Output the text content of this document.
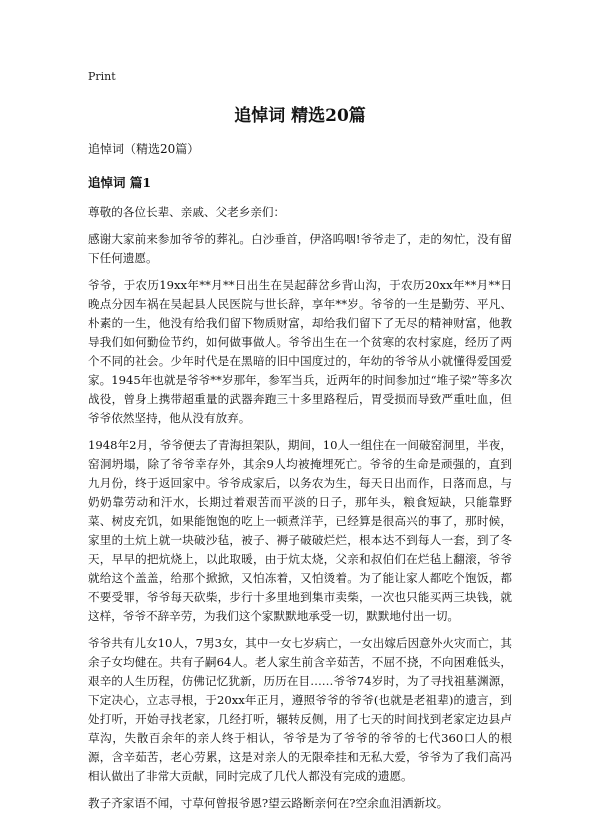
Print
追悼词 精选20篇
追悼词（精选20篇）
追悼词 篇1

尊敬的各位长辈、亲戚、父老乡亲们：

感谢大家前来参加爷爷的葬礼。白沙垂首，伊洛呜咽!爷爷走了，走的匆忙，没有留下任何遗愿。

爷爷，于农历19xx年**月**日出生在吴起薛岔乡背山沟，于农历20xx年**月**日晚点分因车祸在吴起县人民医院与世长辞，享年**岁。爷爷的一生是勤劳、平凡、朴素的一生，他没有给我们留下物质财富，却给我们留下了无尽的精神财富，他教导我们如何勤俭节约，如何做事做人。爷爷出生在一个贫寒的农村家庭，经历了两个不同的社会。少年时代是在黑暗的旧中国度过的，年幼的爷爷从小就懂得爱国爱家。1945年也就是爷爷**岁那年，参军当兵，近两年的时间参加过“堆子梁”等多次战役，曾身上携带超重量的武器奔跑三十多里路程后，胃受损而导致严重吐血，但爷爷依然坚持，他从没有放弃。

1948年2月，爷爷便去了青海担架队，期间，10人一组住在一间破窑洞里，半夜，窑洞坍塌，除了爷爷幸存外，其余9人均被掩埋死亡。爷爷的生命是顽强的，直到九月份，终于返回家中。爷爷成家后，以务农为生，每天日出而作，日落而息，与奶奶靠劳动和汗水，长期过着艰苦而平淡的日子，那年头，粮食短缺，只能靠野菜、树皮充饥，如果能饱饱的吃上一顿煮洋芋，已经算是很高兴的事了，那时候，家里的土炕上就一块破沙毡，被子、褥子破破烂烂，根本达不到每人一套，到了冬天，早早的把炕烧上，以此取暖，由于炕太烧，父亲和叔伯们在烂毡上翻滚，爷爷就给这个盖盖，给那个掀掀，又怕冻着，又怕烫着。为了能让家人都吃个饱饭，都不要受罪，爷爷每天砍柴，步行十多里地到集市卖柴，一次也只能买两三块钱，就这样，爷爷不辞辛劳，为我们这个家默默地承受一切，默默地付出一切。

爷爷共有儿女10人，7男3女，其中一女七岁病亡，一女出嫁后因意外火灾而亡，其余子女均健在。共有子嗣64人。老人家生前含辛茹苦，不屈不挠，不向困难低头，艰辛的人生历程，仿佛记忆犹新，历历在目……爷爷74岁时，为了寻找祖墓渊源，下定决心，立志寻根，于20xx年正月，遵照爷爷的爷爷(也就是老祖辈)的遗言，到处打听，开始寻找老家，几经打听，辗转反侧，用了七天的时间找到老家定边县卢草沟，失散百余年的亲人终于相认，爷爷是为了爷爷的爷爷的七代360口人的根源，含辛茹苦，老心劳累，这是对亲人的无限牵挂和无私大爱，爷爷为了我们高冯相认做出了非常大贡献，同时完成了几代人都没有完成的遗愿。

教子齐家语不闻，寸草何曾报爷恩?望云路断亲何在?空余血泪洒新坟。
